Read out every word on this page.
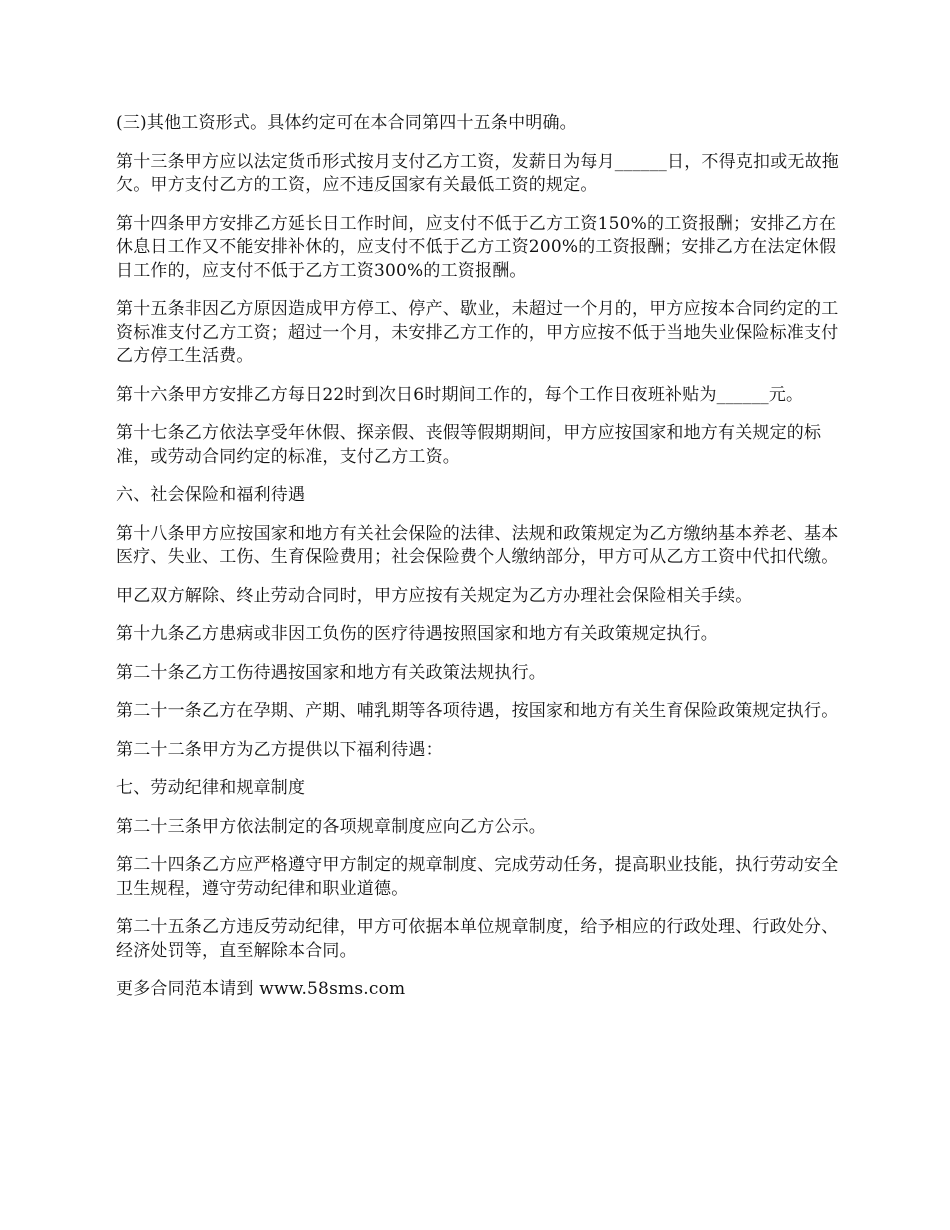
(三)其他工资形式。具体约定可在本合同第四十五条中明确。

第十三条甲方应以法定货币形式按月支付乙方工资，发薪日为每月______日，不得克扣或无故拖欠。甲方支付乙方的工资，应不违反国家有关最低工资的规定。

第十四条甲方安排乙方延长日工作时间，应支付不低于乙方工资150%的工资报酬；安排乙方在休息日工作又不能安排补休的，应支付不低于乙方工资200%的工资报酬；安排乙方在法定休假日工作的，应支付不低于乙方工资300%的工资报酬。

第十五条非因乙方原因造成甲方停工、停产、歇业，未超过一个月的，甲方应按本合同约定的工资标准支付乙方工资；超过一个月，未安排乙方工作的，甲方应按不低于当地失业保险标准支付乙方停工生活费。

第十六条甲方安排乙方每日22时到次日6时期间工作的，每个工作日夜班补贴为______元。

第十七条乙方依法享受年休假、探亲假、丧假等假期期间，甲方应按国家和地方有关规定的标准，或劳动合同约定的标准，支付乙方工资。

六、社会保险和福利待遇

第十八条甲方应按国家和地方有关社会保险的法律、法规和政策规定为乙方缴纳基本养老、基本医疗、失业、工伤、生育保险费用；社会保险费个人缴纳部分，甲方可从乙方工资中代扣代缴。

甲乙双方解除、终止劳动合同时，甲方应按有关规定为乙方办理社会保险相关手续。

第十九条乙方患病或非因工负伤的医疗待遇按照国家和地方有关政策规定执行。

第二十条乙方工伤待遇按国家和地方有关政策法规执行。

第二十一条乙方在孕期、产期、哺乳期等各项待遇，按国家和地方有关生育保险政策规定执行。

第二十二条甲方为乙方提供以下福利待遇：

七、劳动纪律和规章制度

第二十三条甲方依法制定的各项规章制度应向乙方公示。

第二十四条乙方应严格遵守甲方制定的规章制度、完成劳动任务，提高职业技能，执行劳动安全卫生规程，遵守劳动纪律和职业道德。

第二十五条乙方违反劳动纪律，甲方可依据本单位规章制度，给予相应的行政处理、行政处分、经济处罚等，直至解除本合同。

更多合同范本请到 www.58sms.com
